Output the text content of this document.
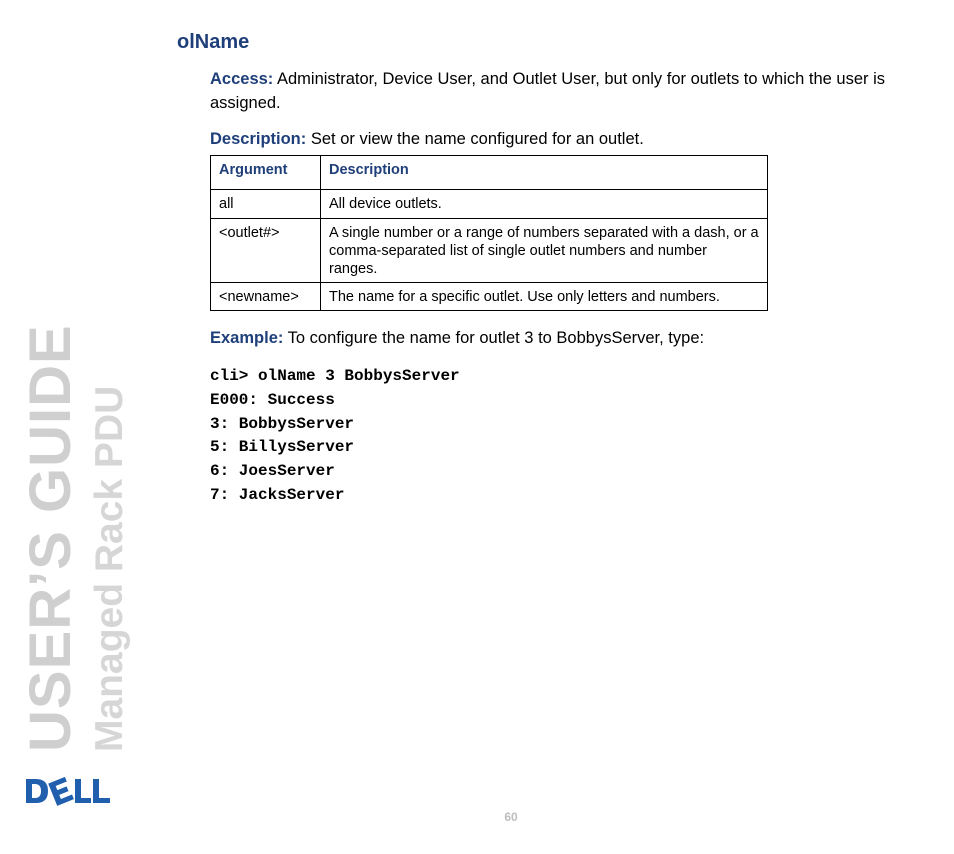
USER’S GUIDE Managed Rack PDU
olName
Access: Administrator, Device User, and Outlet User, but only for outlets to which the user is assigned.
Description: Set or view the name configured for an outlet.
Argument	Description
all	All device outlets.
<outlet#>	A single number or a range of numbers separated with a dash, or a comma-separated list of single outlet numbers and number ranges.
<newname>	The name for a specific outlet. Use only letters and numbers.
Example: To configure the name for outlet 3 to BobbysServer, type:
cli> olName 3 BobbysServer
E000: Success
3: BobbysServer
5: BillysServer
6: JoesServer
7: JacksServer
60
